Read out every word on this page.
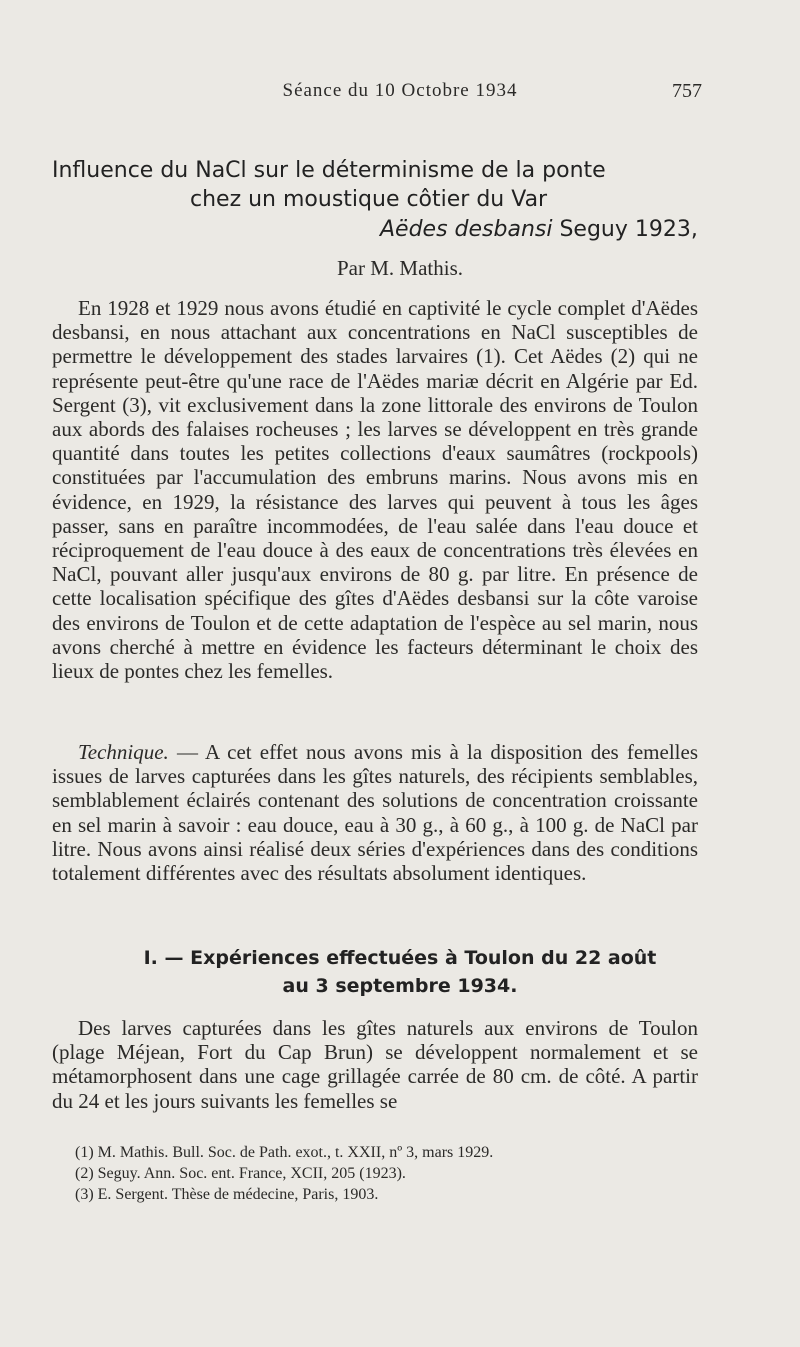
Séance du 10 Octobre 1934	757
Influence du NaCl sur le déterminisme de la ponte
chez un moustique côtier du Var
Aëdes desbansi Seguy 1923,
Par M. Mathis.
En 1928 et 1929 nous avons étudié en captivité le cycle complet d'Aëdes desbansi, en nous attachant aux concentrations en NaCl susceptibles de permettre le développement des stades larvaires (1). Cet Aëdes (2) qui ne représente peut-être qu'une race de l'Aëdes mariæ décrit en Algérie par Ed. Sergent (3), vit exclusivement dans la zone littorale des environs de Toulon aux abords des falaises rocheuses ; les larves se développent en très grande quantité dans toutes les petites collections d'eaux saumâtres (rockpools) constituées par l'accumulation des embruns marins. Nous avons mis en évidence, en 1929, la résistance des larves qui peuvent à tous les âges passer, sans en paraître incommodées, de l'eau salée dans l'eau douce et réciproquement de l'eau douce à des eaux de concentrations très élevées en NaCl, pouvant aller jusqu'aux environs de 80 g. par litre. En présence de cette localisation spécifique des gîtes d'Aëdes desbansi sur la côte varoise des environs de Toulon et de cette adaptation de l'espèce au sel marin, nous avons cherché à mettre en évidence les facteurs déterminant le choix des lieux de pontes chez les femelles.
Technique. — A cet effet nous avons mis à la disposition des femelles issues de larves capturées dans les gîtes naturels, des récipients semblables, semblablement éclairés contenant des solutions de concentration croissante en sel marin à savoir : eau douce, eau à 30 g., à 60 g., à 100 g. de NaCl par litre. Nous avons ainsi réalisé deux séries d'expériences dans des conditions totalement différentes avec des résultats absolument identiques.
I. — Expériences effectuées à Toulon du 22 août
au 3 septembre 1934.
Des larves capturées dans les gîtes naturels aux environs de Toulon (plage Méjean, Fort du Cap Brun) se développent normalement et se métamorphosent dans une cage grillagée carrée de 80 cm. de côté. A partir du 24 et les jours suivants les femelles se
(1) M. Mathis. Bull. Soc. de Path. exot., t. XXII, nº 3, mars 1929.
(2) Seguy. Ann. Soc. ent. France, XCII, 205 (1923).
(3) E. Sergent. Thèse de médecine, Paris, 1903.
